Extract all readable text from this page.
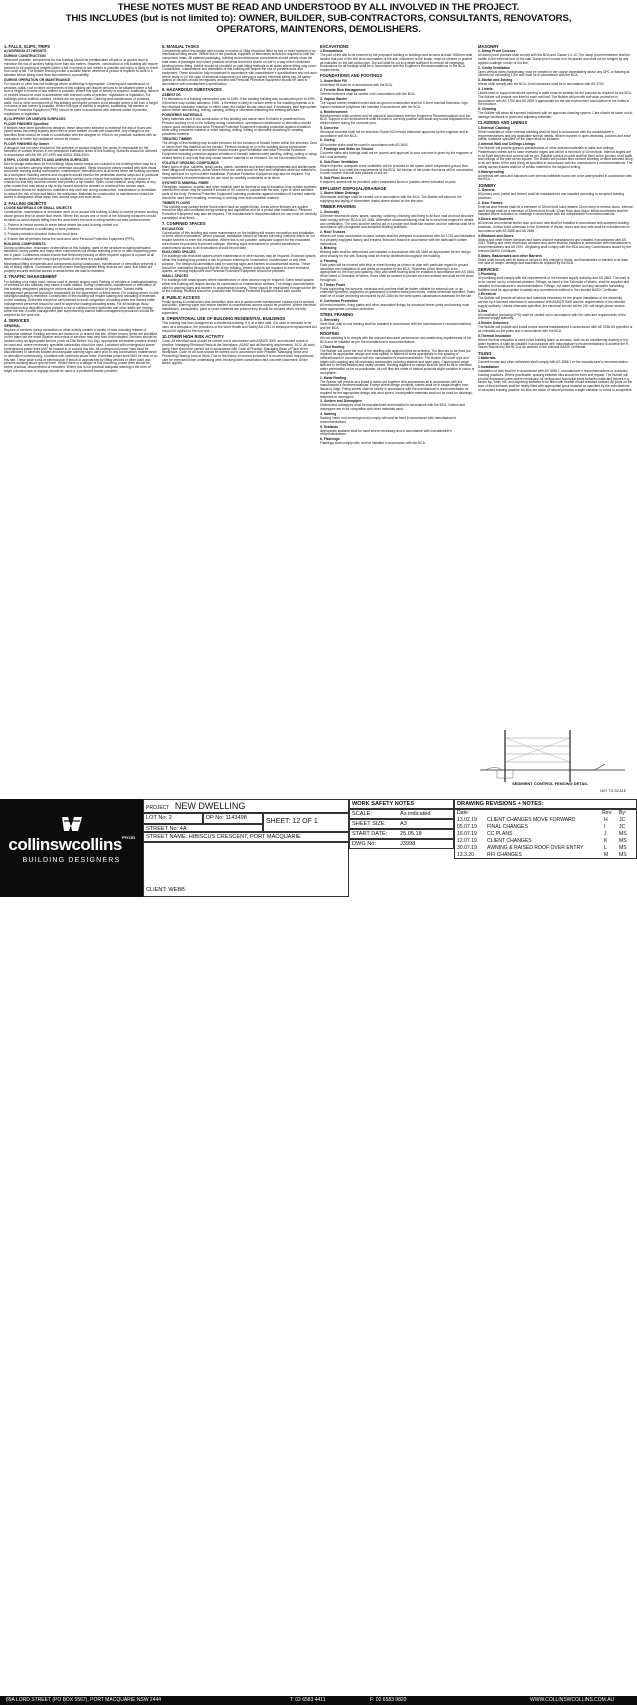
THESE NOTES MUST BE READ AND UNDERSTOOD BY ALL INVOLVED IN THE PROJECT.
THIS INCLUDES (but is not limited to): OWNER, BUILDER, SUB-CONTRACTORS, CONSULTANTS, RENOVATORS,
OPERATORS, MAINTENORS, DEMOLISHERS.
1. FALLS, SLIPS, TRIPS
A) WORKING AT HEIGHTS
DURING CONSTRUCTION

Wherever possible, components for this building should be prefabricated off-site or at ground level to minimise the risk of workers falling more than two metres. However, construction of this building will require workers to be working at heights where a fall in excess of two metres is possible and injury is likely to result from such a fall. The builder should provide a suitable barrier wherever a person is required to work in a situation where falling more than two metres is a possibility.

DURING OPERATION OR MAINTENANCE

For houses or other low-rise buildings where scaffolding is appropriate: Cleaning and maintenance of windows, walls, roof or other components of this building will require persons to be situated where a fall from a height in excess of two metres is possible. Where this type of activity is required, scaffolding, ladders or trestles should be used in accordance with relevant codes of practice, regulations or legislation. For buildings where scaffold, ladders, trestles are not appropriate: Cleaning and maintenance of windows, walls, roof or other components of this building will require persons to be situated where a fall from a height in excess of two metres is possible. Where this type of activity is required, scaffolding, fall barriers or Personal Protective Equipment (PPE) should be used in accordance with relevant codes of practice, regulations or legislation.

B) SLIPPERY OR UNEVEN SURFACES
FLOOR FINISHES Specified

If finishes have been specified by designer, these have been selected to minimise the risk of floors and paved areas becoming slippery when wet or when walked on with wet shoes/feet. Any changes to the specified finish should be made in consultation with the designer or, if this is not practical, surfaces with an equivalent or better slip resistance should be chosen.

FLOOR FINISHES By Owner

If designer has not been involved in the selection of surface finishes, the owner is responsible for the selection of surface finishes in the pedestrian trafficable areas of this building. Surfaces should be selected in accordance with AS HB 197:1999 and AS/NZ 4586:2004.

STEPS, LOOSE OBJECTS AND UNEVEN SURFACES

Due to design restrictions for this building, steps and/or ramps are included in the building which may be a hazard to workers carrying objects or otherwise occupied. Steps should be clearly marked with both visual and tactile warning during construction, maintenance, demolition and at all times when the building operates as a workplace. Building owners and occupiers should monitor the pedestrian access ways and in particular access to areas where maintenance is routinely carried out to ensure that surfaces have not moved or cracked so that they become uneven and present a trip hazard. Spills, loose material, stray objects or any other matter that may cause a slip or trip hazard should be cleaned or removed from access ways. Contractors should be required to maintain a tidy work site during construction, maintenance or demolition to reduce the risk of trips and falls in the workplace. Materials for construction or maintenance should be stored in designated areas away from access ways and work areas.

2. FALLING OBJECTS
LOOSE MATERIALS OR SMALL OBJECTS

Construction, maintenance or demolition work on or around this building is likely to involve persons working above ground level or above floor levels. Where this occurs one or more of the following measures should be taken to avoid objects falling from the area where the work is being carried out onto persons below.

1. Prevent or restrict access to areas below where the work is being carried out.

2. Provide toeboards to scaffolding or work platforms.

3. Provide protective structure below the work area.

4. Ensure that all persons below the work area have Personal Protective Equipment (PPE).

BUILDING COMPONENTS

During construction, renovation or demolition of this building, parts of the structure including fabricated steelwork, heavy panels and many other components will remain standing prior to or after supporting parts are in place. Contractors should ensure that temporary bracing or other required support is in place at all times when collapse which may injure persons in the area is a possibility.

Mechanical lifting of materials and components during construction, maintenance or demolition presents a risk of falling objects. Contractors should ensure that appropriate lifting devices are used, that loads are properly secured and that access to areas below the load is restricted.

3. TRAFFIC MANAGEMENT

For building on a major road, narrow road or steeply sloping road: Parking of vehicles or loading/unloading of vehicles on this roadway may cause a traffic hazard. During construction, maintenance or demolition of this building designated parking for workers and loading areas should be provided. Trained traffic management personnel should be responsible for the supervision of these areas. For building where on-site loading/unloading is restricted: Construction of this building will require loading and unloading of materials on the roadway. Deliveries should be well planned to avoid congestion of loading areas and trained traffic management personnel should be used to supervise loading/unloading areas. For all buildings: Busy construction and demolition sites present a risk of collision where deliveries and other traffic are moving within the site. A traffic management plan supervised by trained traffic management personnel should be adopted for the work site.

4. SERVICES
GENERAL

Rupture of services during excavation or other activity creates a variety of risks including release of hazardous material. Existing services are located on or around this site. Where known, these are identified on the plans but the exact location and extent of services may vary from that indicated. Services should be located using an appropriate service (such as Dial Before You Dig), appropriate excavation practice should be used and, where necessary, specialist contractors should be used. Locations with underground power: Underground power lines MAY be located in or around this site. All underground power lines must be disconnected or carefully located and adequate warning signs used prior to any construction, maintenance or demolition commencing. Locations with overhead power lines: Overhead power lines MAY be near or on this site. These pose a risk of electrocution if struck or approached by lifting devices or other plant and persons working above ground level. Where there is a danger of this occurring, power lines should be, where practical, disconnected or relocated. Where this is not practical adequate warning in the form of bright coloured tape or signage should be used or a protective barrier provided.

5. MANUAL TASKS

Components within this design with a mass in excess of 25kg should be lifted by two or more workers or by mechanical lifting device. Where this is not practical, suppliers or fabricators should be required to limit the component mass. All material packaging, building and maintenance components should clearly show the total mass of packages and where practical all items should be stored on site in a way which minimises bending before lifting. Advice should be provided on safe lifting methods in all areas where lifting may occur. Construction, maintenance and demolition of this building will require the use of portable tools and equipment. These should be fully maintained in accordance with manufacturer's specifications and not used where faulty or (in the case of electrical equipment) not carrying a current electrical safety tag. All safety guards or devices should be regularly checked and Personal Protective Equipment should be used in accordance with manufacturer's specification.

6. HAZARDOUS SUBSTANCES
ASBESTOS

For alterations to a building constructed prior to 1990: If the existing building was constructed prior to 1990 - it therefore may contain asbestos; 1986 - it therefore is likely to contain either in the cladding material or in fire retardant insulation material. In either case, the builder should check and, if necessary, take appropriate action before demolishing, cutting, sanding, drilling or otherwise disturbing the existing structure.

POWDERED MATERIALS

Many materials used in the construction of this building can cause harm if inhaled in powdered form. Persons working on or in the building during construction, operational maintenance or demolition should ensure good ventilation and wear Personal Protective Equipment including protection against inhalation while using powdered material or when sanding, drilling, cutting or otherwise disturbing or creating powdered material.

TREATED TIMBER

The design of this building may include provision for the inclusion of treated timber within the structure. Dust or fumes from this material can be harmful. Persons working on or in the building during construction, operational maintenance or demolition should ensure good ventilation and wear Personal Protective Equipment including protection against inhalation of harmful material when sanding, drilling, cutting or using heated timber in any way that may cause harmful material to be released. Do not burn treated timber.

VOLATILE ORGANIC COMPOUNDS

Many types of glue, solvents, spray packs, paints, varnishes and some cleaning materials and disinfectants have dangerous emissions. Areas where these are used should be kept well ventilated while the material is being used and for a period after installation. Personal Protective Equipment may also be required. The manufacturer's recommendations for use must be carefully considered at all times.

SYNTHETIC MINERAL FIBRE

Fibreglass, rockwool, ceramic and other material used for thermal or sound insulation may contain synthetic mineral fibre which may be harmful if inhaled or if it comes in contact with the skin, eyes or other sensitive parts of the body. Personal Protective Equipment including protection against inhalation of harmful material should be used when installing, removing or working near bulk insulation material.

TIMBER FLOORS

This building may contain timber floors which have an applied finish. Areas where finishes are applied should be kept well ventilated during sanding and application and for a period after installation. Personal Protective Equipment may also be required. The manufacturer's recommendations for use must be carefully considered at all times.

7. CONFINED SPACES
EXCAVATION

Construction of this building and some maintenance on the building will require excavation and installation of items within excavations. Where practical, installation should be carried out using methods which do not require workers to enter the excavation. Where this is not possible, adequate support for the excavated area should be provided to prevent collapse. Warning signs and barriers to prevent accidental or unauthorised access to all excavations should be provided.

ENCLOSED SPACES

For buildings with enclosed spaces where maintenance or other access may be required: Enclosed spaces within this building may present a risk to persons entering for construction, maintenance or any other purpose. The design documentation calls for warning signs and barriers to unauthorised access. These should be maintained throughout the life of the building. Where workers are required to enter enclosed spaces, air testing equipment and Personal Protective Equipment should be provided.

SMALL SPACES

For buildings with small spaces where maintenance or other access may be required: Some small spaces within this building will require access by construction or maintenance workers. The design documentation calls for warning signs and barriers to unauthorised access. These should be maintained throughout the life of the building. Workers should be provided with Personal Protective Equipment and safe access.

8. PUBLIC ACCESS

Public access to construction and demolition sites and to areas under maintenance causes risk to workers and public. Warning signs and secure barriers to unauthorised access should be provided. Where electrical installations, excavations, plant or loose materials are present they should be secured when not fully supervised.

9. OPERATIONAL USE OF BUILDING RESIDENTIAL BUILDINGS

This building has been designed as a residential building. If it, at a later date, it is used or intended to be used as a workplace, the provisions of the Work Health and Safety Act 2011 or subsequent replacement Act should be applied to the new use.

10.OTHER HIGH RISK ACTIVITY

Code: All electrical work should be carried out in accordance with AS/NZS 3000 and relevant codes of practice. Managing Electrical Risks at the Workplace, AS/NZ and all licensing requirements. 3012. All work using Plant should be carried out in accordance with Code of Practice: Managing Risks of Plant at the Workplace. Code of: All work should be carried out in accordance with: Practice: Managing Noise and Preventing Hearing Loss at Work. Due to the history of serious incidents it is recommended that particular care be exercised when undertaking work involving steel construction and concrete placement. All the above applies.

EXCAVATIONS
1.Excavations

The part of the site to be covered by the proposed building or buildings and an area at least 1000mm wide around that part of the site at its boundaries of the site, whichever is the lesser, must be cleared or graded as indicated on the site works plan. Top soil shall be cut to a depth sufficient to remove all vegetation. Excavations for all footings shall be in accordance with the Engineer's Recommendations or the BCA requirements.

FOUNDATIONS AND FOOTINGS
1. Underfloor Fill

Underfloor fill shall be in accordance with the BCA.

2. Termite Risk Management

Termite treatment shall be carried out in accordance with the BCA.

3. Vapour Barrier

The vapour barrier installed under slab-on-ground construction shall be 0.2mm nominal thickness, high impact resistance polythene film installed in accordance with the BCA.

4. Reinforcement

Reinforcement shall conform and be placed in accordance with the Engineer's Recommendation and the BCA. Support to all reinforcement shall be used to correctly position and avoid any undue displacement of reinforcement during the concrete pour.

5. Concrete

Structural concrete shall not be less than Grade N20 except otherwise approved by the engineer and in accordance with the BCA.

6. Curing

All concrete slabs shall be cured in accordance with AS 3600.

7. Footings and Slabs on Ground

Concrete slabs and footings shall not be poured until approval to pour concrete is given by the engineer or the Local Authority.

8. Sub-Floor Ventilation

Where required, adequate cross ventilation will be provided to the space under suspended ground floor. Construction is to meet the requirements of the BCA. No section of the under floor area will be constructed in such manner that will hold pockets of still air.

9. Sub-Floor Access

If required, access will be provided under suspended floors in position where indicated on plan.

EFFLUENT DISPOSAL/DRAINAGE
1. Storm Water Drainage

Stormwater drainage shall be carried out in accordance with the BCA. The Builder will allow for the supplying and laying of stormwater drains where shown on the site plan.

TIMBER FRAMING
1. Generally

All timber framework sizes, spans, spacing, notching, checking and fixing to all floor, wall and roof structure shall comply with the BCA or AS 1684. Alternative structural framing shall be to structural engineer's details and certification. The work shall be carried out in a proper and trade-like manner and the material shall be in accordance with recognised and accepted building practices.

2. Roof Trusses

Where roof truss construction is used, trusses shall be designed in accordance with AS 1720 and fabricated in a properly equipped factory and erected, fixed and braced in accordance with the fabricator's written instructions.

3. Bracing

Bracing units shall be determined and installed in accordance with AS 1684 as appropriate for the design wind velocity for the site. Bracing shall be evenly distributed throughout the building.

4. Flooring

Floor joists will be covered with strip or sheet flooring as shown on plan with particular regard to ground clearance and installation in wet areas as required by the BCA. Thickness of the flooring is to be appropriate for the floor joist spacing. Strip and sheet flooring shall be installed in accordance with AS 1684. When listed in Schedule of Works, floors shall be sanded to provide an even surface and shall be left clean throughout.

5. Timber Posts

Posts supporting the carports, verandas and porches shall be timber suitable for external use, or as otherwise specified, supported on galvanised or treated metal post shoes, unless otherwise specified. Posts shall be of a size and fixing as required by AS 1684 for the wind speed classification assessed for the site.

6. Corrosion Protection

All metal brackets, fixing plates and other associated fixings for structural timber joints and bracing must have appropriate corrosion protection.

STEEL FRAMING
1. Generally

Steel floor, wall or roof framing shall be installed in accordance with the manufacturer's recommendations and the BCA.

ROOFING

All roof cladding is to comply with the relevant structural performance and weathering requirements of the BCA and be installed as per the manufacturer's recommendations.

1.Tiled Roofing

The Builder will cover the roof of the dwelling with approved tiles as selected. The tiles are to be fixed (as required for appropriate design and wind speed) to battens of sizes appropriate to the spacing of rafters/trusses in accordance with the manufacturer's recommendations. The Builder will cover hips and ridges with capping and all necessary accessories including starters and apex caps. Capping and verge tiles are to be well bedded and neatly pointed. Roofing adjacent to valleys shall be fixed so as to minimise water penetration as far as practicable. As roof tiles are made of natural products slight variation in colour is acceptable.

2. Metal Roofing

The Builder will provide and install a metal roof together with accessories all in accordance with the manufacturer's recommendations. Except where design prohibits, sheets shall be in single lengths from fascia to ridge. Fixing sheets shall be strictly in accordance with the manufacturer's recommendation as required for the appropriate design and wind speed. Incompatible materials shall not be used for flashings, fasteners or downpipes.

3. Gutters and Downpipes

Gutters and downpipes shall be manufactured and installed in accordance with the BCA. Gutters and downpipes are to be compatible with other materials used.

4. Sarking

Sarking under roof coverings must comply with and be fixed in accordance with manufacturer's recommendations.

5. Sealants

Appropriate sealants shall be used where necessary and in accordance with manufacturer's recommendations.

6. Flashings

Flashings shall comply with, and be installed in accordance with the BCA.

MASONRY
1. Damp Proof Courses

All damp proof courses shall comply with the BCA and Clause 1.0.10. The damp proof membrane shall be visible in the external face of the wall. Damp proof course is to be placed and shall not be bridged by any applied coatings, render or the like.

2. Cavity Ventilation

Open vertical joints (weepholes) must be created in the course immediately above any DPC or flashing at centres not exceeding 1.2m and must be in accordance with the BCA.

3. Mortar and Joining

Mortar shall comply with the BCA. Joint tolerances shall be in accordance with AS 3700.

4. Lintels

Lintels used to support brickwork opening in walls must be suitable for the purpose as required by the BCA. The Builder will provide one lintel to each wall leaf. The Builder will provide corrosion protection in accordance with AS 3700 and AS 2699.3 appropriate for the site environment and location of the lintels in the structure.

5. Cleaning

The Builder will clean all exposed brickwork with an approved cleaning system. Care should be taken not to damage brickwork or joints and adjoining materials.

CLADDING AND LININGS
1.External Cladding

Sheet materials or other external cladding shall be fixed in accordance with the manufacturer's recommendations and any applicable special details. Where required in open verandas, porches and eave soffits, materials specified on the plans shall be installed.

2.Internal Wall and Ceilings Linings

The Builder will provide gypsum plasterboards or other selected materials to walls and ceilings. Plasterboard sheets are to have recessed edges and will be a minimum of 10mm thick. Internal angles are to be flush stopped and corners will be set. Suitable cornice moulds shall be fixed at the junction of all walls and ceilings or the joint set as square. The Builder will provide fibre cement sheeting or other selected lining to all wet areas of the area lining as specified in accordance with the manufacturer's recommendations. The ceiling across trusses shall be of similar material to the adjacent ceiling.

3.Waterproofing

All internal wet area and balconies over internal habitable rooms are to be waterproofed in accordance with the BCA.

JOINERY
1. General

All joinery work (metal and timber) shall be manufactured and installed according to accepted building practices.

2. Door Frames

External door frames shall be a minimum of 32mm thick solid rebated 12mm deep to receive doors. Internal jamb linings shall be a minimum of 18mm thick fit with 12mm thick door stops. Metal doorframes shall be installed where indicated on drawings in accordance with the manufacturer's recommendations.

3.Doors and Doorsets

All internal and external timber door and door sets shall be installed in accordance with accepted building practices. Unless listed otherwise in the Schedule of Works, doors and door sets shall be manufactured in accordance with AS 2688 and AS 2689.

4.Windows and Doors

Sliding and other timber windows and doors shall be manufactured and installed in accordance with AS 2047. Sliding and other aluminium windows and doors shall be installed in accordance with manufacturer's recommendations and AS 2047. All glazing shall comply with the BCA and any Commissions issued by the relevant BASIX Certificate.

5.Stairs, Balustrades and other Barriers

Stairs shall comply with all stairs or ramps to any change in levels, and balustrades or barriers to at least one side of ramps, landings and balconies as required by the BCA.

SERVICES
1.Plumbing

All plumbing shall comply with the requirements of the relevant supply authority and AS 3500. The work is to be carried out by a licensed plumber. Fittings, as listed in the Schedule of Works, shall be supplied and installed to manufacturer's recommendations. Fittings, hot water system and any rainwater harvesting facilities shall be appropriate to satisfy any commitment outlined in the relevant BASIX Certificate.

2.Electrical

The Builder will provide all labour and materials necessary for the proper installation of the electricity service by a licensed electrician in accordance with AS/NZS 3000 and the requirements of the relevant supply authority. Unless otherwise specified, the electrical service will be 240 volt single phase service.

3.Gas

All installation (including LPG) shall be carried out in accordance with the rules and requirements of the relevant supply authority.

4.Smoke Detectors

The Builder will provide and install smoke alarms manufactured in accordance with AS 3786 AS specified or as indicated on the plans and in accordance with the BCA.

5.Thermal Insulation

Where thermal insulation is used in the building fabric or services, such as air conditioning ducting or hot water systems, it shall be installed in accordance with manufacturer's recommendations to achieve the R-Values required by the BCA or as outlined in the relevant BASIX Certificate.

TILING
1.Materials

Cement mortar and other adhesives shall comply with AS 3958.1 or the manufacturer's recommendation.

2.Installation

Installation of tiles shall be in accordance with AS 3958.1, manufacturer's recommendations or accepted building practices. Where practicable, spacing between tiles should be even and regular. The Builder will provide expansion joints where necessary. All vertical and horizontal joints between walls and fixtures e.g. bench top, bath, etc. and adjoining surfaces to be filled with flexible mould resistant sealant. All joints on the face of tiled surfaces shall be neatly filled with appropriate grout material as specified by the manufacturer or accepted building practice. As tiles are made of natural products a slight variation in colour is acceptable.

SEDIMENT CONTROL FENCING DETAIL
NOT TO SCALE
collinswcollins$^{PTY LTD}$
BUILDING DESIGNERS
PROJECT NEW DWELLING
LOT No: 2	DP No: 1143498	SHEET: 12 OF 1
STREET No: 4A
STREET NAME: HIBISCUS CRESCENT, PORT MACQUARIE
CLIENT: WEBB
WORK SAFETY NOTES
SCALE:	As indicated
SHEET SIZE: A3
START DATE: 25.05.18
DWG No:	J3998
DRAWING REVISIONS + NOTES:
Date:	Rev: By:
13.02.19 CLIENT CHANGES MOVE FORWARD	H JC
05.07.19 FINAL CHANGES	I	JC
16.07.19 CC PLANS	J MS
12.07.19 CLIENT CHANGES	K MS
30.07.19 AWNING & RAISED ROOF OVER ENTRY	L MS
13.3.20	RFI CHANGES	M MS
89A LORD STREET (PO BOX 5567), PORT MACQUARIE NSW 2444	T: 02 6583 4411	F: 02 6583 9820	WWW.COLLINSWCOLLINS.COM.AU
